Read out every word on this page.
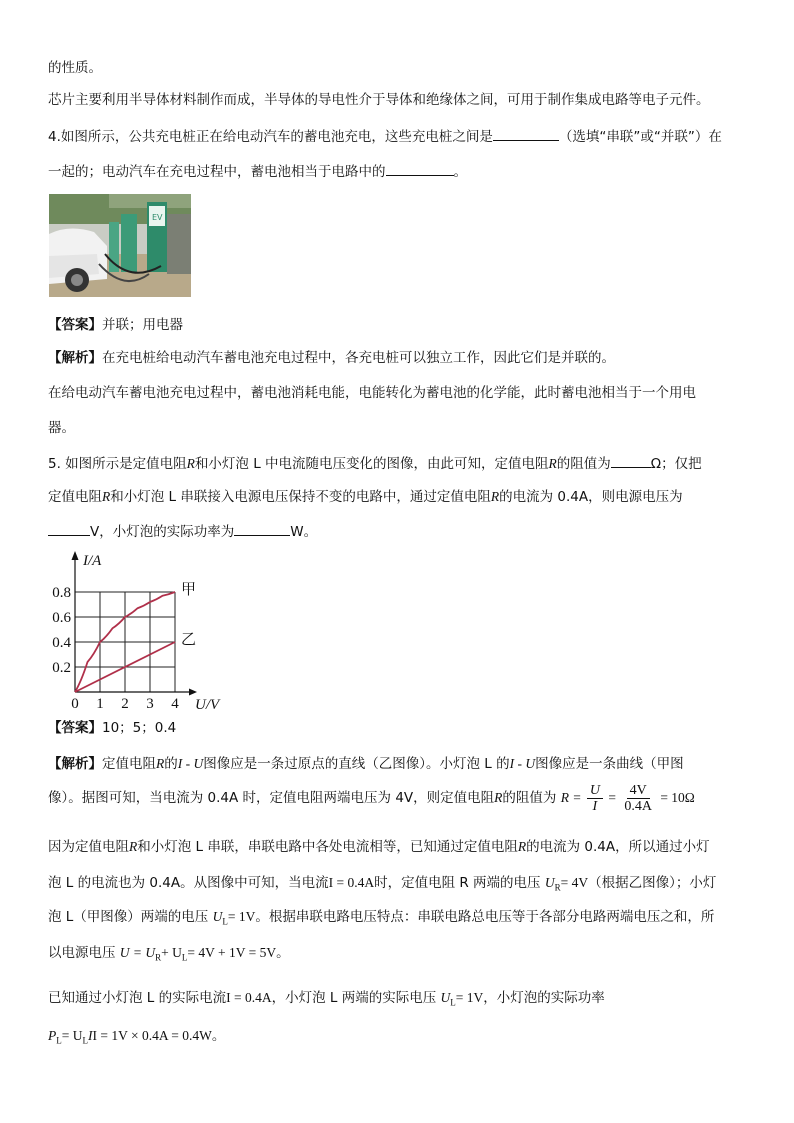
的性质。
芯片主要利用半导体材料制作而成，半导体的导电性介于导体和绝缘体之间，可用于制作集成电路等电子元件。
4.如图所示，公共充电桩正在给电动汽车的蓄电池充电，这些充电桩之间是	（选填“串联”或“并联”）在
一起的；电动汽车在充电过程中，蓄电池相当于电路中的	。
EV
【答案】并联；用电器
【解析】在充电桩给电动汽车蓄电池充电过程中，各充电桩可以独立工作，因此它们是并联的。
在给电动汽车蓄电池充电过程中，蓄电池消耗电能，电能转化为蓄电池的化学能，此时蓄电池相当于一个用电
器。
5. 如图所示是定值电阻R和小灯泡 L 中电流随电压变化的图像，由此可知，定值电阻R的阻值为	Ω；仅把
定值电阻R和小灯泡 L 串联接入电源电压保持不变的电路中，通过定值电阻R的电流为 0.4A，则电源电压为
V，小灯泡的实际功率为	W。
0 1 2 3 4
0.2
0.4
0.6
0.8
I/A
U/V
甲
乙
【答案】10；5；0.4
【解析】定值电阻R的I - U图像应是一条过原点的直线（乙图像）。小灯泡 L 的I - U图像应是一条曲线（甲图
像）。据图可知，当电流为 0.4A 时，定值电阻两端电压为 4V，则定值电阻R的阻值为 $R = \frac{U}{I} = \frac{4V}{0.4A} = 10\Omega$
因为定值电阻R和小灯泡 L 串联，串联电路中各处电流相等，已知通过定值电阻R的电流为 0.4A，所以通过小灯
泡 L 的电流也为 0.4A。从图像中可知，当电流I = 0.4A时，定值电阻 R 两端的电压 $U_R= 4V$（根据乙图像）；小灯
泡 L（甲图像）两端的电压 $U_L= 1V$。根据串联电路电压特点：串联电路总电压等于各部分电路两端电压之和，所
以电源电压 $U = U_R+ U_L= 4V + 1V = 5V$。
已知通过小灯泡 L 的实际电流I = 0.4A，小灯泡 L 两端的实际电压 $U_L= 1V$，小灯泡的实际功率
$P_L= U_LII = 1V \times 0.4A = 0.4W$。
